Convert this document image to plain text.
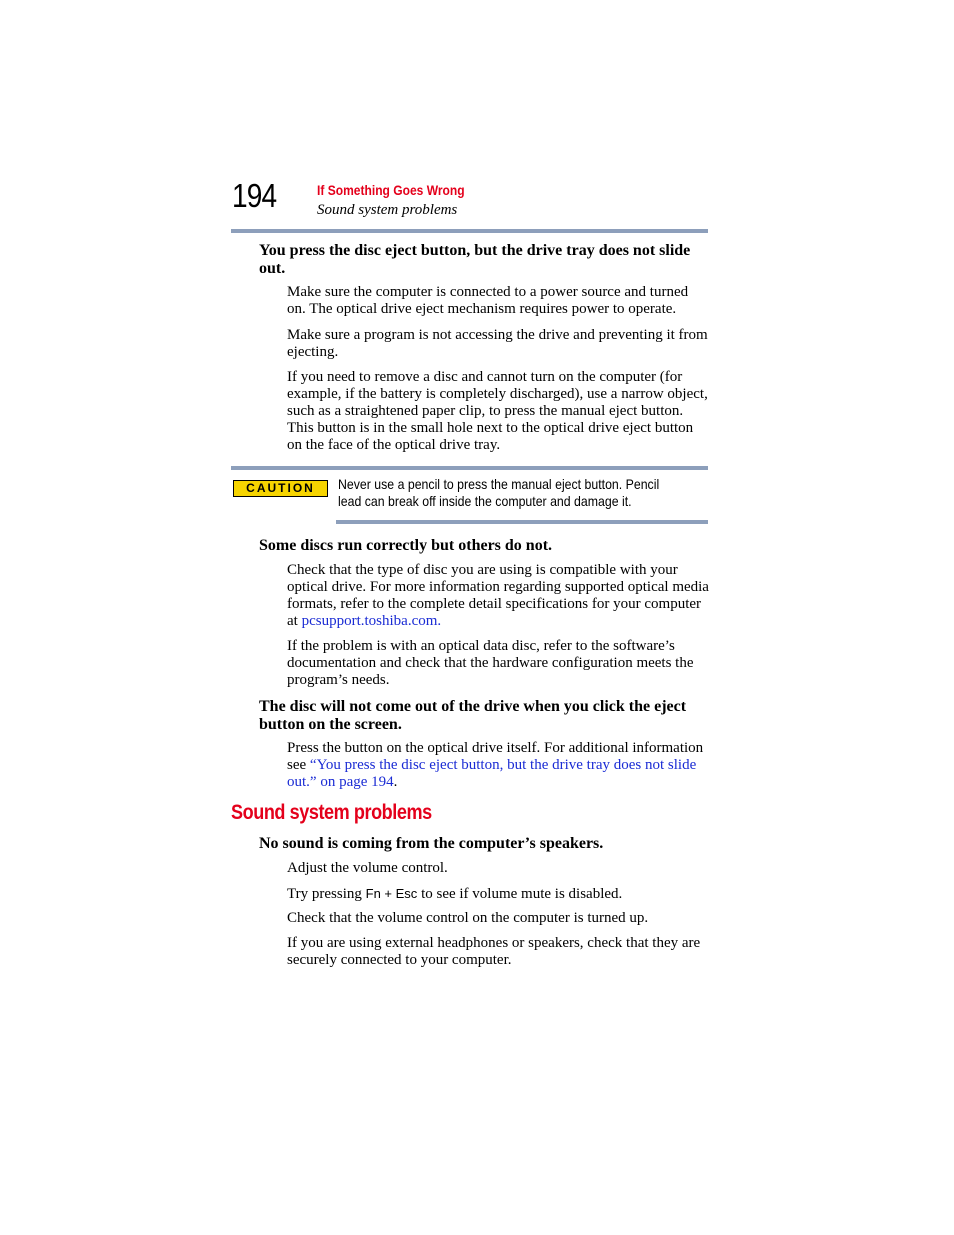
194	If Something Goes Wrong
Sound system problems
You press the disc eject button, but the drive tray does not slide out.
Make sure the computer is connected to a power source and turned on. The optical drive eject mechanism requires power to operate.
Make sure a program is not accessing the drive and preventing it from ejecting.
If you need to remove a disc and cannot turn on the computer (for example, if the battery is completely discharged), use a narrow object, such as a straightened paper clip, to press the manual eject button. This button is in the small hole next to the optical drive eject button on the face of the optical drive tray.
CAUTION	Never use a pencil to press the manual eject button. Pencil lead can break off inside the computer and damage it.
Some discs run correctly but others do not.
Check that the type of disc you are using is compatible with your optical drive. For more information regarding supported optical media formats, refer to the complete detail specifications for your computer at pcsupport.toshiba.com.
If the problem is with an optical data disc, refer to the software’s documentation and check that the hardware configuration meets the program’s needs.
The disc will not come out of the drive when you click the eject button on the screen.
Press the button on the optical drive itself. For additional information see “You press the disc eject button, but the drive tray does not slide out.” on page 194.
Sound system problems
No sound is coming from the computer’s speakers.
Adjust the volume control.
Try pressing Fn + Esc to see if volume mute is disabled.
Check that the volume control on the computer is turned up.
If you are using external headphones or speakers, check that they are securely connected to your computer.
